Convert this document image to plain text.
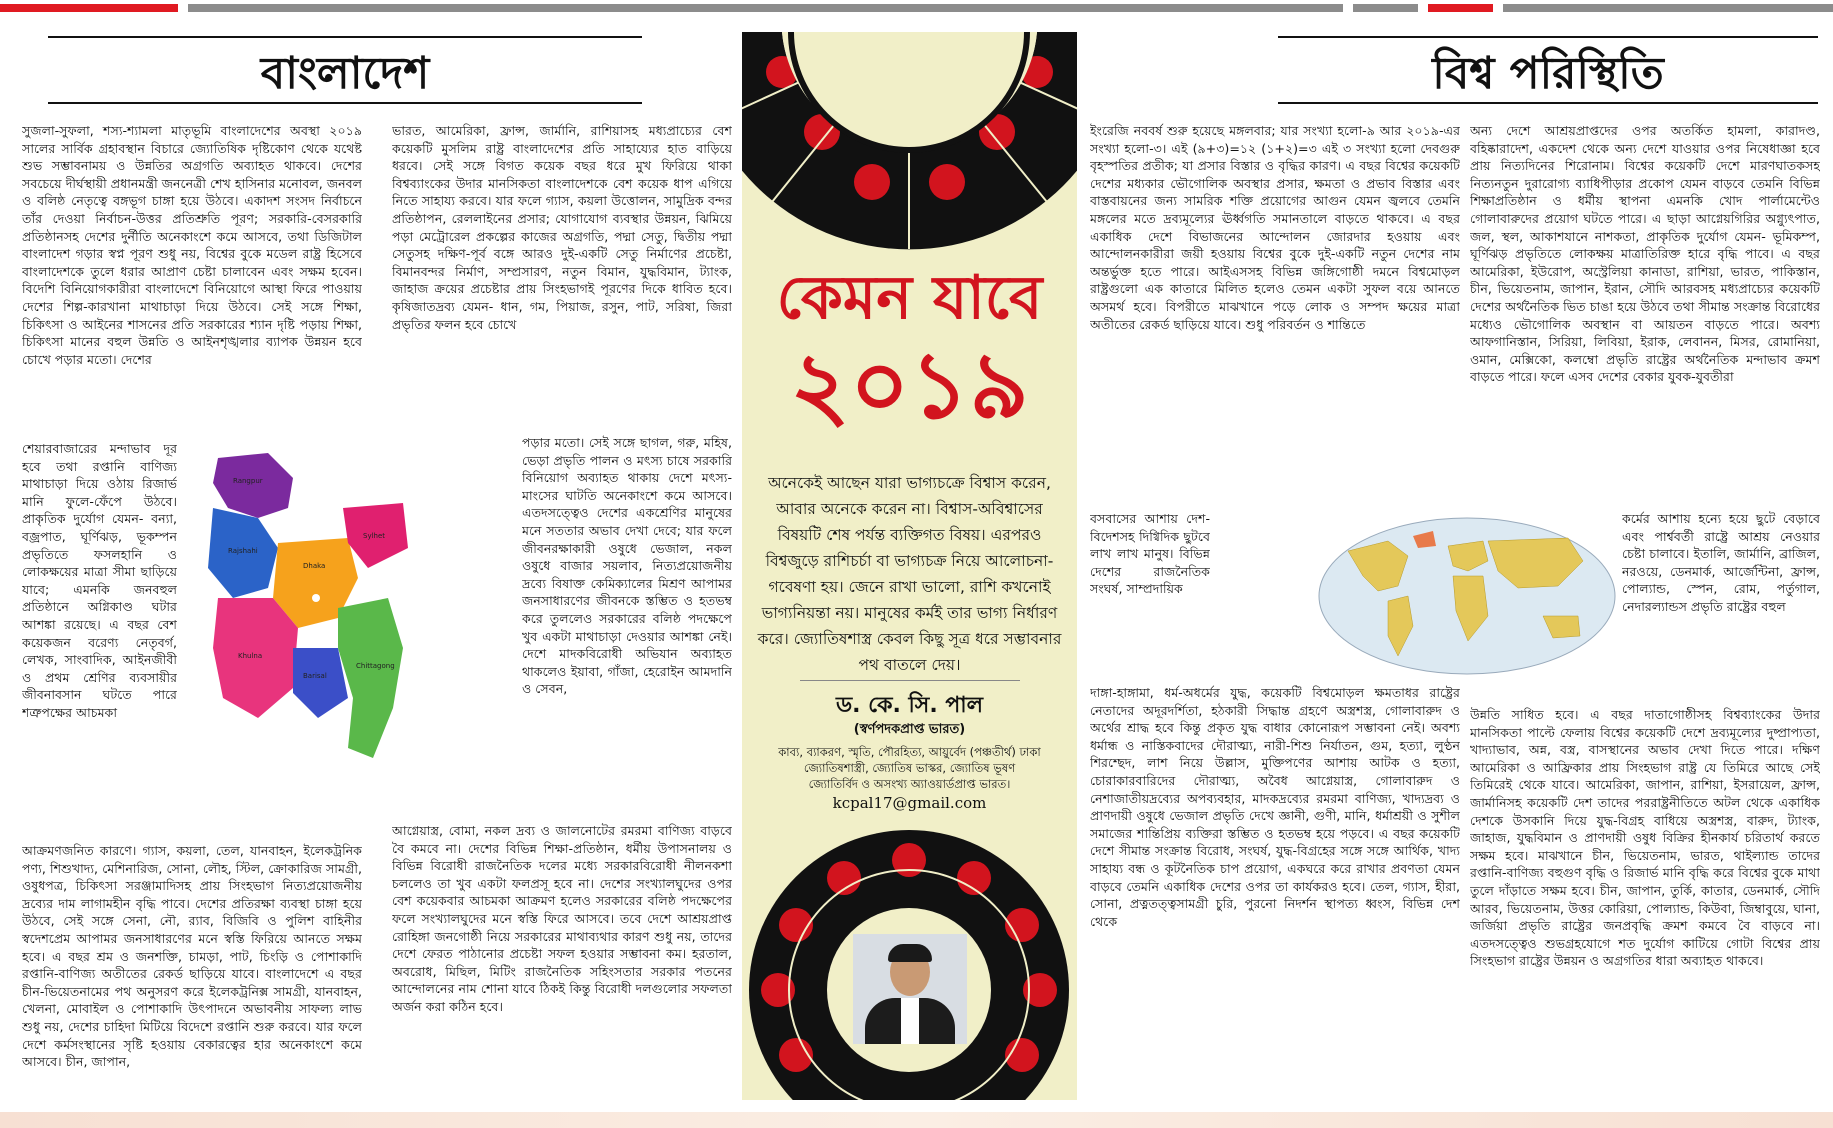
বাংলাদেশ	বিশ্ব পরিস্থিতি
সুজলা-সুফলা, শস্য-শ্যামলা মাতৃভূমি বাংলাদেশের অবস্থা ২০১৯ সালের সার্বিক গ্রহাবস্থান বিচারে জ্যোতিষিক দৃষ্টিকোণ থেকে যথেষ্ট শুভ সম্ভাবনাময় ও উন্নতির অগ্রগতি অব্যাহত থাকবে। দেশের সবচেয়ে দীর্ঘস্থায়ী প্রধানমন্ত্রী জননেত্রী শেখ হাসিনার মনোবল, জনবল ও বলিষ্ঠ নেতৃত্বে বঙ্গভূগ চাঙ্গা হয়ে উঠবে। একাদশ সংসদ নির্বাচনে তাঁর দেওয়া নির্বাচন-উত্তর প্রতিশ্রুতি পূরণ; সরকারি-বেসরকারি প্রতিষ্ঠানসহ দেশের দুর্নীতি অনেকাংশে কমে আসবে, তথা ডিজিটাল বাংলাদেশ গড়ার স্বপ্ন পূরণ শুধু নয়, বিশ্বের বুকে মডেল রাষ্ট্র হিসেবে বাংলাদেশকে তুলে ধরার আপ্রাণ চেষ্টা চালাবেন এবং সক্ষম হবেন। বিদেশি বিনিয়োগকারীরা বাংলাদেশে বিনিয়োগে আস্থা ফিরে পাওয়ায় দেশের শিল্প-কারখানা মাথাচাড়া দিয়ে উঠবে। সেই সঙ্গে শিক্ষা, চিকিৎসা ও আইনের শাসনের প্রতি সরকারের শ্যান দৃষ্টি পড়ায় শিক্ষা, চিকিৎসা মানের বহুল উন্নতি ও আইনশৃঙ্খলার ব্যাপক উন্নয়ন হবে চোখে পড়ার মতো। দেশের
শেয়ারবাজারের মন্দাভাব দূর হবে তথা রপ্তানি বাণিজ্য মাথাচাড়া দিয়ে ওঠায় রিজার্ভ মানি ফুলে-ফেঁপে উঠবে। প্রাকৃতিক দুর্যোগ যেমন- বন্যা, বজ্রপাত, ঘূর্ণিঝড়, ভূকম্পন প্রভৃতিতে ফসলহানি ও লোকক্ষয়ের মাত্রা সীমা ছাড়িয়ে যাবে; এমনকি জনবহুল প্রতিষ্ঠানে অগ্নিকাণ্ড ঘটার আশঙ্কা রয়েছে। এ বছর বেশ কয়েকজন বরেণ্য নেতৃবর্গ, লেখক, সাংবাদিক, আইনজীবী ও প্রথম শ্রেণির ব্যবসায়ীর জীবনাবসান ঘটতে পারে শত্রুপক্ষের আচমকা
আক্রমণজনিত কারণে। গ্যাস, কয়লা, তেল, যানবাহন, ইলেকট্রনিক পণ্য, শিশুখাদ্য, মেশিনারিজ, সোনা, লৌহ, স্টিল, ক্রোকারিজ সামগ্রী, ওষুধপত্র, চিকিৎসা সরঞ্জামাদিসহ প্রায় সিংহভাগ নিত্যপ্রয়োজনীয় দ্রব্যের দাম লাগামহীন বৃদ্ধি পাবে। দেশের প্রতিরক্ষা ব্যবস্থা চাঙ্গা হয়ে উঠবে, সেই সঙ্গে সেনা, নৌ, র‌্যাব, বিজিবি ও পুলিশ বাহিনীর স্বদেশপ্রেম আপামর জনসাধারণের মনে স্বস্তি ফিরিয়ে আনতে সক্ষম হবে। এ বছর শ্রম ও জনশক্তি, চামড়া, পাট, চিংড়ি ও পোশাকাদি রপ্তানি-বাণিজ্য অতীতের রেকর্ড ছাড়িয়ে যাবে। বাংলাদেশে এ বছর চীন-ভিয়েতনামের পথ অনুসরণ করে ইলেকট্রনিক্স সামগ্রী, যানবাহন, খেলনা, মোবাইল ও পোশাকাদি উৎপাদনে অভাবনীয় সাফল্য লাভ শুধু নয়, দেশের চাহিদা মিটিয়ে বিদেশে রপ্তানি শুরু করবে। যার ফলে দেশে কর্মসংস্থানের সৃষ্টি হওয়ায় বেকারত্বের হার অনেকাংশে কমে আসবে। চীন, জাপান,
Rangpur
Rajshahi
Dhaka
Sylhet
Khulna
Barisal
Chittagong
ভারত, আমেরিকা, ফ্রান্স, জার্মানি, রাশিয়াসহ মধ্যপ্রাচ্যের বেশ কয়েকটি মুসলিম রাষ্ট্র বাংলাদেশের প্রতি সাহায্যের হাত বাড়িয়ে ধরবে। সেই সঙ্গে বিগত কয়েক বছর ধরে মুখ ফিরিয়ে থাকা বিশ্বব্যাংকের উদার মানসিকতা বাংলাদেশকে বেশ কয়েক ধাপ এগিয়ে নিতে সাহায্য করবে। যার ফলে গ্যাস, কয়লা উত্তোলন, সামুদ্রিক বন্দর প্রতিষ্ঠাপন, রেললাইনের প্রসার; যোগাযোগ ব্যবস্থার উন্নয়ন, ঝিমিয়ে পড়া মেট্রোরেল প্রকল্পের কাজের অগ্রগতি, পদ্মা সেতু, দ্বিতীয় পদ্মা সেতুসহ দক্ষিণ-পূর্ব বঙ্গে আরও দুই-একটি সেতু নির্মাণের প্রচেষ্টা, বিমানবন্দর নির্মাণ, সম্প্রসারণ, নতুন বিমান, যুদ্ধবিমান, ট্যাংক, জাহাজ ক্রয়ের প্রচেষ্টার প্রায় সিংহভাগই পূরণের দিকে ধাবিত হবে। কৃষিজাতদ্রব্য যেমন- ধান, গম, পিয়াজ, রসুন, পাট, সরিষা, জিরা প্রভৃতির ফলন হবে চোখে
পড়ার মতো। সেই সঙ্গে ছাগল, গরু, মহিষ, ভেড়া প্রভৃতি পালন ও মৎস্য চাষে সরকারি বিনিয়োগ অব্যাহত থাকায় দেশে মৎস্য-মাংসের ঘাটতি অনেকাংশে কমে আসবে। এতদসত্ত্বেও দেশের একশ্রেণির মানুষের মনে সততার অভাব দেখা দেবে; যার ফলে জীবনরক্ষাকারী ওষুধে ভেজাল, নকল ওষুধে বাজার সয়লাব, নিত্যপ্রয়োজনীয় দ্রব্যে বিষাক্ত কেমিক্যালের মিশ্রণ আপামর জনসাধারণের জীবনকে স্তম্ভিত ও হতভম্ব করে তুললেও সরকারের বলিষ্ঠ পদক্ষেপে খুব একটা মাথাচাড়া দেওয়ার আশঙ্কা নেই। দেশে মাদকবিরোধী অভিযান অব্যাহত থাকলেও ইয়াবা, গাঁজা, হেরোইন আমদানি ও সেবন,
আগ্নেয়াস্ত্র, বোমা, নকল দ্রব্য ও জালনোটের রমরমা বাণিজ্য বাড়বে বৈ কমবে না। দেশের বিভিন্ন শিক্ষা-প্রতিষ্ঠান, ধর্মীয় উপাসনালয় ও বিভিন্ন বিরোধী রাজনৈতিক দলের মধ্যে সরকারবিরোধী নীলনকশা চললেও তা খুব একটা ফলপ্রসূ হবে না। দেশের সংখ্যালঘুদের ওপর বেশ কয়েকবার আচমকা আক্রমণ হলেও সরকারের বলিষ্ঠ পদক্ষেপের ফলে সংখ্যালঘুদের মনে স্বস্তি ফিরে আসবে। তবে দেশে আশ্রয়প্রাপ্ত রোহিঙ্গা জনগোষ্ঠী নিয়ে সরকারের মাথাব্যথার কারণ শুধু নয়, তাদের দেশে ফেরত পাঠানোর প্রচেষ্টা সফল হওয়ার সম্ভাবনা কম। হরতাল, অবরোধ, মিছিল, মিটিং রাজনৈতিক সহিংসতার সরকার পতনের আন্দোলনের নাম শোনা যাবে ঠিকই কিন্তু বিরোধী দলগুলোর সফলতা অর্জন করা কঠিন হবে।
কেমন যাবে
২০১৯
অনেকেই আছেন যারা ভাগ্যচক্রে বিশ্বাস করেন, আবার অনেকে করেন না। বিশ্বাস-অবিশ্বাসের বিষয়টি শেষ পর্যন্ত ব্যক্তিগত বিষয়। এরপরও বিশ্বজুড়ে রাশিচর্চা বা ভাগ্যচক্র নিয়ে আলোচনা-গবেষণা হয়। জেনে রাখা ভালো, রাশি কখনোই ভাগ্যনিয়ন্তা নয়। মানুষের কর্মই তার ভাগ্য নির্ধারণ করে। জ্যোতিষশাস্ত্র কেবল কিছু সূত্র ধরে সম্ভাবনার পথ বাতলে দেয়।
ড. কে. সি. পাল
(স্বর্ণপদকপ্রাপ্ত ভারত)
কাব্য, ব্যাকরণ, স্মৃতি, পৌরহিত্য, আয়ুর্বেদ (পঞ্চতীর্থ) ঢাকা
জ্যোতিষশাস্ত্রী, জ্যোতিষ ভাস্কর, জ্যোতিষ ভূষণ
জ্যোতির্বিদ ও অসংখ্য অ্যাওয়ার্ডপ্রাপ্ত ভারত।
kcpal17@gmail.com
ইংরেজি নববর্ষ শুরু হয়েছে মঙ্গলবার; যার সংখ্যা হলো-৯ আর ২০১৯-এর সংখ্যা হলো-৩। এই (৯+৩)=১২ (১+২)=৩ এই ৩ সংখ্যা হলো দেবগুরু বৃহস্পতির প্রতীক; যা প্রসার বিস্তার ও বৃদ্ধির কারণ। এ বছর বিশ্বের কয়েকটি দেশের মধ্যকার ভৌগোলিক অবস্থার প্রসার, ক্ষমতা ও প্রভাব বিস্তার এবং বাস্তবায়নের জন্য সামরিক শক্তি প্রয়োগের আগুন যেমন জ্বলবে তেমনি মঙ্গলের মতে দ্রব্যমূল্যের ঊর্ধ্বগতি সমানতালে বাড়তে থাকবে। এ বছর একাধিক দেশে বিভাজনের আন্দোলন জোরদার হওয়ায় এবং আন্দোলনকারীরা জয়ী হওয়ায় বিশ্বের বুকে দুই-একটি নতুন দেশের নাম অন্তর্ভুক্ত হতে পারে। আইএসসহ বিভিন্ন জঙ্গিগোষ্ঠী দমনে বিশ্বমোড়ল রাষ্ট্রগুলো এক কাতারে মিলিত হলেও তেমন একটা সুফল বয়ে আনতে অসমর্থ হবে। বিপরীতে মাঝখানে পড়ে লোক ও সম্পদ ক্ষয়ের মাত্রা অতীতের রেকর্ড ছাড়িয়ে যাবে। শুধু পরিবর্তন ও শান্তিতে
বসবাসের আশায় দেশ-বিদেশসহ দিগ্বিদিক ছুটবে লাখ লাখ মানুষ। বিভিন্ন দেশের রাজনৈতিক সংঘর্ষ, সাম্প্রদায়িক
দাঙ্গা-হাঙ্গামা, ধর্ম-অধর্মের যুদ্ধ, কয়েকটি বিশ্বমোড়ল ক্ষমতাধর রাষ্ট্রের নেতাদের অদূরদর্শিতা, হঠকারী সিদ্ধান্ত গ্রহণে অস্ত্রশস্ত্র, গোলাবারুদ ও অর্থের শ্রাদ্ধ হবে কিন্তু প্রকৃত যুদ্ধ বাধার কোনোরূপ সম্ভাবনা নেই। অবশ্য ধর্মান্ধ ও নাস্তিকবাদের দৌরাত্ম্য, নারী-শিশু নির্যাতন, গুম, হত্যা, লুণ্ঠন শিরশ্ছেদ, লাশ নিয়ে উল্লাস, মুক্তিপণের আশায় আটক ও হত্যা, চোরাকারবারিদের দৌরাত্ম্য, অবৈধ আগ্নেয়াস্ত্র, গোলাবারুদ ও নেশাজাতীয়দ্রব্যের অপব্যবহার, মাদকদ্রব্যের রমরমা বাণিজ্য, খাদ্যদ্রব্য ও প্রাণদায়ী ওষুধে ভেজাল প্রভৃতি দেখে জ্ঞানী, গুণী, মানি, ধর্মাশ্রয়ী ও সুশীল সমাজের শান্তিপ্রিয় ব্যক্তিরা স্তম্ভিত ও হতভম্ব হয়ে পড়বে। এ বছর কয়েকটি দেশে সীমান্ত সংক্রান্ত বিরোধ, সংঘর্ষ, যুদ্ধ-বিগ্রহের সঙ্গে সঙ্গে আর্থিক, খাদ্য সাহায্য বন্ধ ও কূটনৈতিক চাপ প্রয়োগ, একঘরে করে রাখার প্রবণতা যেমন বাড়বে তেমনি একাধিক দেশের ওপর তা কার্যকরও হবে। তেল, গ্যাস, হীরা, সোনা, প্রত্নতত্ত্বসামগ্রী চুরি, পুরনো নিদর্শন স্থাপত্য ধ্বংস, বিভিন্ন দেশ থেকে
অন্য দেশে আশ্রয়প্রাপ্তদের ওপর অতর্কিত হামলা, কারাদণ্ড, বহিষ্কারাদেশ, একদেশ থেকে অন্য দেশে যাওয়ার ওপর নিষেধাজ্ঞা হবে প্রায় নিত্যদিনের শিরোনাম। বিশ্বের কয়েকটি দেশে মারণঘাতকসহ নিত্যনতুন দুরারোগ্য ব্যাধিপীড়ার প্রকোপ যেমন বাড়বে তেমনি বিভিন্ন শিক্ষাপ্রতিষ্ঠান ও ধর্মীয় স্থাপনা এমনকি খোদ পার্লামেন্টেও গোলাবারুদের প্রয়োগ ঘটতে পারে। এ ছাড়া আগ্নেয়গিরির অগ্ন্যুৎপাত, জল, স্থল, আকাশযানে নাশকতা, প্রাকৃতিক দুর্যোগ যেমন- ভূমিকম্প, ঘূর্ণিঝড় প্রভৃতিতে লোকক্ষয় মাত্রাতিরিক্ত হারে বৃদ্ধি পাবে। এ বছর আমেরিকা, ইউরোপ, অস্ট্রেলিয়া কানাডা, রাশিয়া, ভারত, পাকিস্তান, চীন, ভিয়েতনাম, জাপান, ইরান, সৌদি আরবসহ মধ্যপ্রাচ্যের কয়েকটি দেশের অর্থনৈতিক ভিত চাঙা হয়ে উঠবে তথা সীমান্ত সংক্রান্ত বিরোধের মধ্যেও ভৌগোলিক অবস্থান বা আয়তন বাড়তে পারে। অবশ্য আফগানিস্তান, সিরিয়া, লিবিয়া, ইরাক, লেবানন, মিসর, রোমানিয়া, ওমান, মেক্সিকো, কলম্বো প্রভৃতি রাষ্ট্রের অর্থনৈতিক মন্দাভাব ক্রমশ বাড়তে পারে। ফলে এসব দেশের বেকার যুবক-যুবতীরা
কর্মের আশায় হন্যে হয়ে ছুটে বেড়াবে এবং পার্শ্ববর্তী রাষ্ট্রে আশ্রয় নেওয়ার চেষ্টা চালাবে। ইতালি, জার্মানি, ব্রাজিল, নরওয়ে, ডেনমার্ক, আর্জেন্টিনা, ফ্রান্স, পোল্যান্ড, স্পেন, রোম, পর্তুগাল, নেদারল্যান্ডস প্রভৃতি রাষ্ট্রের বহুল
উন্নতি সাধিত হবে। এ বছর দাতাগোষ্ঠীসহ বিশ্বব্যাংকের উদার মানসিকতা পাল্টে ফেলায় বিশ্বের কয়েকটি দেশে দ্রব্যমূল্যের দুষ্প্রাপ্যতা, খাদ্যাভাব, অন্ন, বস্ত্র, বাসস্থানের অভাব দেখা দিতে পারে। দক্ষিণ আমেরিকা ও আফ্রিকার প্রায় সিংহভাগ রাষ্ট্র যে তিমিরে আছে সেই তিমিরেই থেকে যাবে। আমেরিকা, জাপান, রাশিয়া, ইসরায়েল, ফ্রান্স, জার্মানিসহ কয়েকটি দেশ তাদের পররাষ্ট্রনীতিতে অটল থেকে একাধিক দেশকে উসকানি দিয়ে যুদ্ধ-বিগ্রহ বাধিয়ে অস্ত্রশস্ত্র, বারুদ, ট্যাংক, জাহাজ, যুদ্ধবিমান ও প্রাণদায়ী ওষুধ বিক্রির হীনকার্য চরিতার্থ করতে সক্ষম হবে। মাঝখানে চীন, ভিয়েতনাম, ভারত, থাইল্যান্ড তাদের রপ্তানি-বাণিজ্য বহুগুণ বৃদ্ধি ও রিজার্ভ মানি বৃদ্ধি করে বিশ্বের বুকে মাথা তুলে দাঁড়াতে সক্ষম হবে। চীন, জাপান, তুর্কি, কাতার, ডেনমার্ক, সৌদি আরব, ভিয়েতনাম, উত্তর কোরিয়া, পোল্যান্ড, কিউবা, জিম্বাবুয়ে, ঘানা, জর্জিয়া প্রভৃতি রাষ্ট্রের জনপ্রবৃদ্ধি ক্রমশ কমবে বৈ বাড়বে না। এতদসত্ত্বেও শুভগ্রহযোগে শত দুর্যোগ কাটিয়ে গোটা বিশ্বের প্রায় সিংহভাগ রাষ্ট্রের উন্নয়ন ও অগ্রগতির ধারা অব্যাহত থাকবে।
